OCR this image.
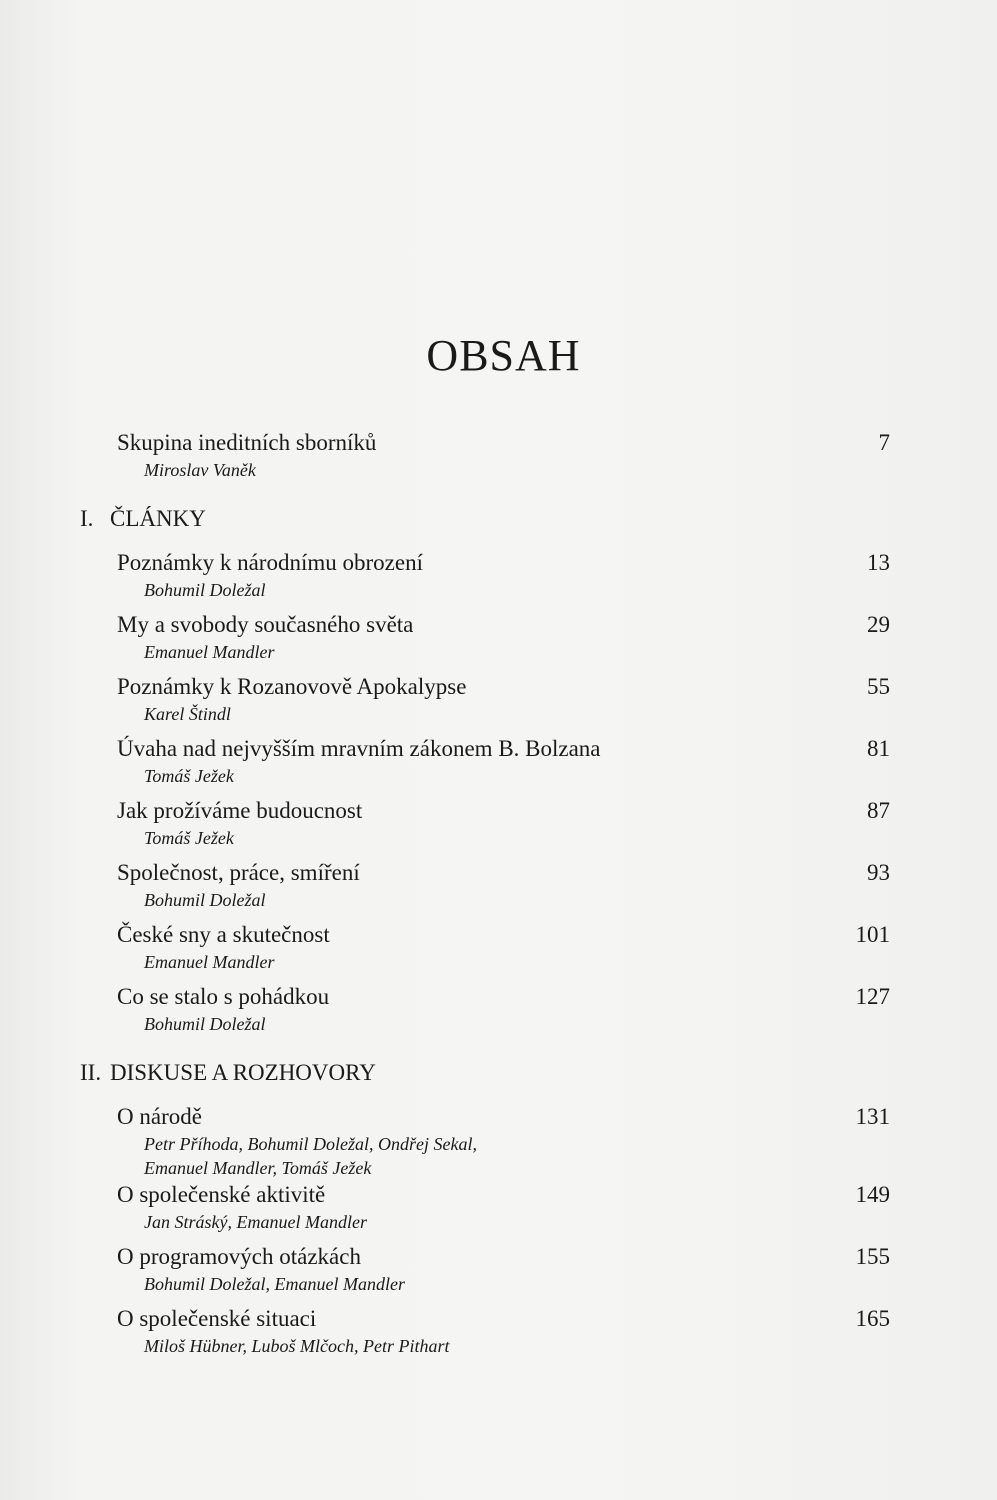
OBSAH
Skupina ineditních sborníků	7
Miroslav Vaněk
I. ČLÁNKY
Poznámky k národnímu obrození	13
Bohumil Doležal
My a svobody současného světa	29
Emanuel Mandler
Poznámky k Rozanovově Apokalypse	55
Karel Štindl
Úvaha nad nejvyšším mravním zákonem B. Bolzana	81
Tomáš Ježek
Jak prožíváme budoucnost	87
Tomáš Ježek
Společnost, práce, smíření	93
Bohumil Doležal
České sny a skutečnost	101
Emanuel Mandler
Co se stalo s pohádkou	127
Bohumil Doležal
II. DISKUSE A ROZHOVORY
O národě	131
Petr Příhoda, Bohumil Doležal, Ondřej Sekal,
Emanuel Mandler, Tomáš Ježek
O společenské aktivitě	149
Jan Stráský, Emanuel Mandler
O programových otázkách	155
Bohumil Doležal, Emanuel Mandler
O společenské situaci	165
Miloš Hübner, Luboš Mlčoch, Petr Pithart
